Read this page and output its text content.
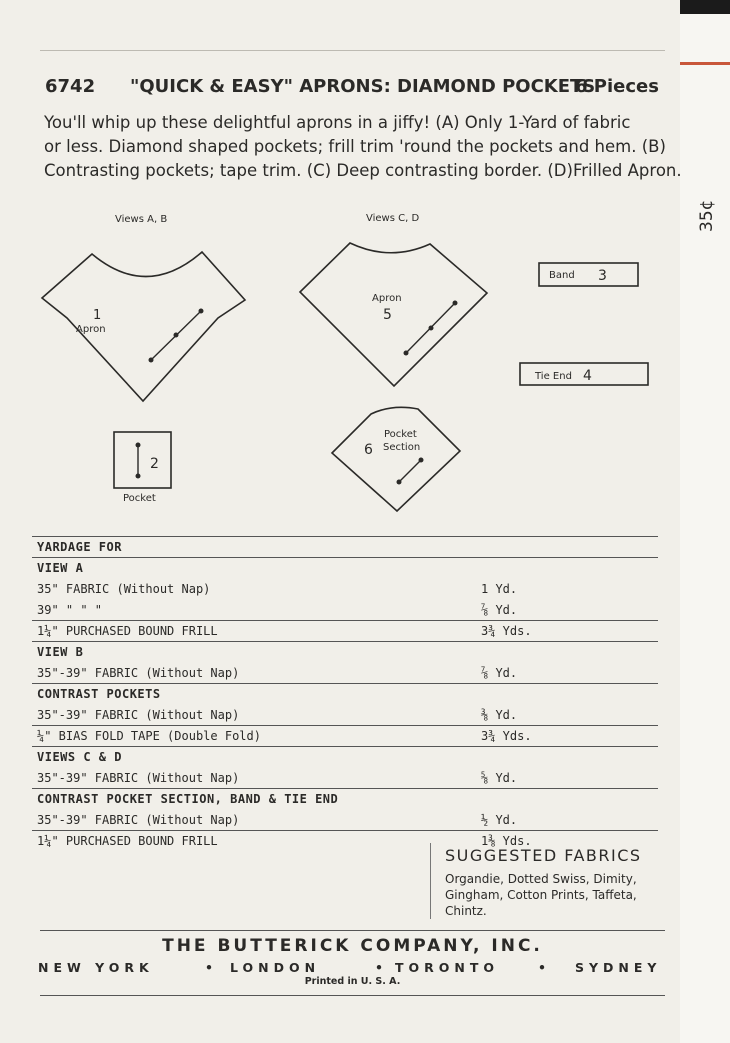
35¢
6742 "QUICK & EASY" APRONS: DIAMOND POCKETS
6 Pieces
You'll whip up these delightful aprons in a jiffy! (A) Only 1-Yard of fabric
or less. Diamond shaped pockets; frill trim 'round the pockets and hem. (B)
Contrasting pockets; tape trim. (C) Deep contrasting border. (D)Frilled Apron.
Views A, B	Views C, D
1
Apron
2
Pocket
Apron
5
Band 3
Tie End 4
Pocket
6 Section
YARDAGE FOR
VIEW A
35" FABRIC (Without Nap)	1 Yd.
39" " " "	⅞ Yd.
1¼" PURCHASED BOUND FRILL	3¾ Yds.
VIEW B
35"-39" FABRIC (Without Nap)	⅞ Yd.
CONTRAST POCKETS
35"-39" FABRIC (Without Nap)	⅜ Yd.
¼" BIAS FOLD TAPE (Double Fold)	3¾ Yds.
VIEWS C & D
35"-39" FABRIC (Without Nap)	⅝ Yd.
CONTRAST POCKET SECTION, BAND & TIE END
35"-39" FABRIC (Without Nap)	½ Yd.
1¼" PURCHASED BOUND FRILL	1⅜ Yds.
SUGGESTED FABRICS
Organdie, Dotted Swiss, Dimity, Gingham, Cotton Prints, Taffeta, Chintz.
THE BUTTERICK COMPANY, INC.
NEW YORK	• LONDON	• TORONTO	• SYDNEY
Printed in U. S. A.
